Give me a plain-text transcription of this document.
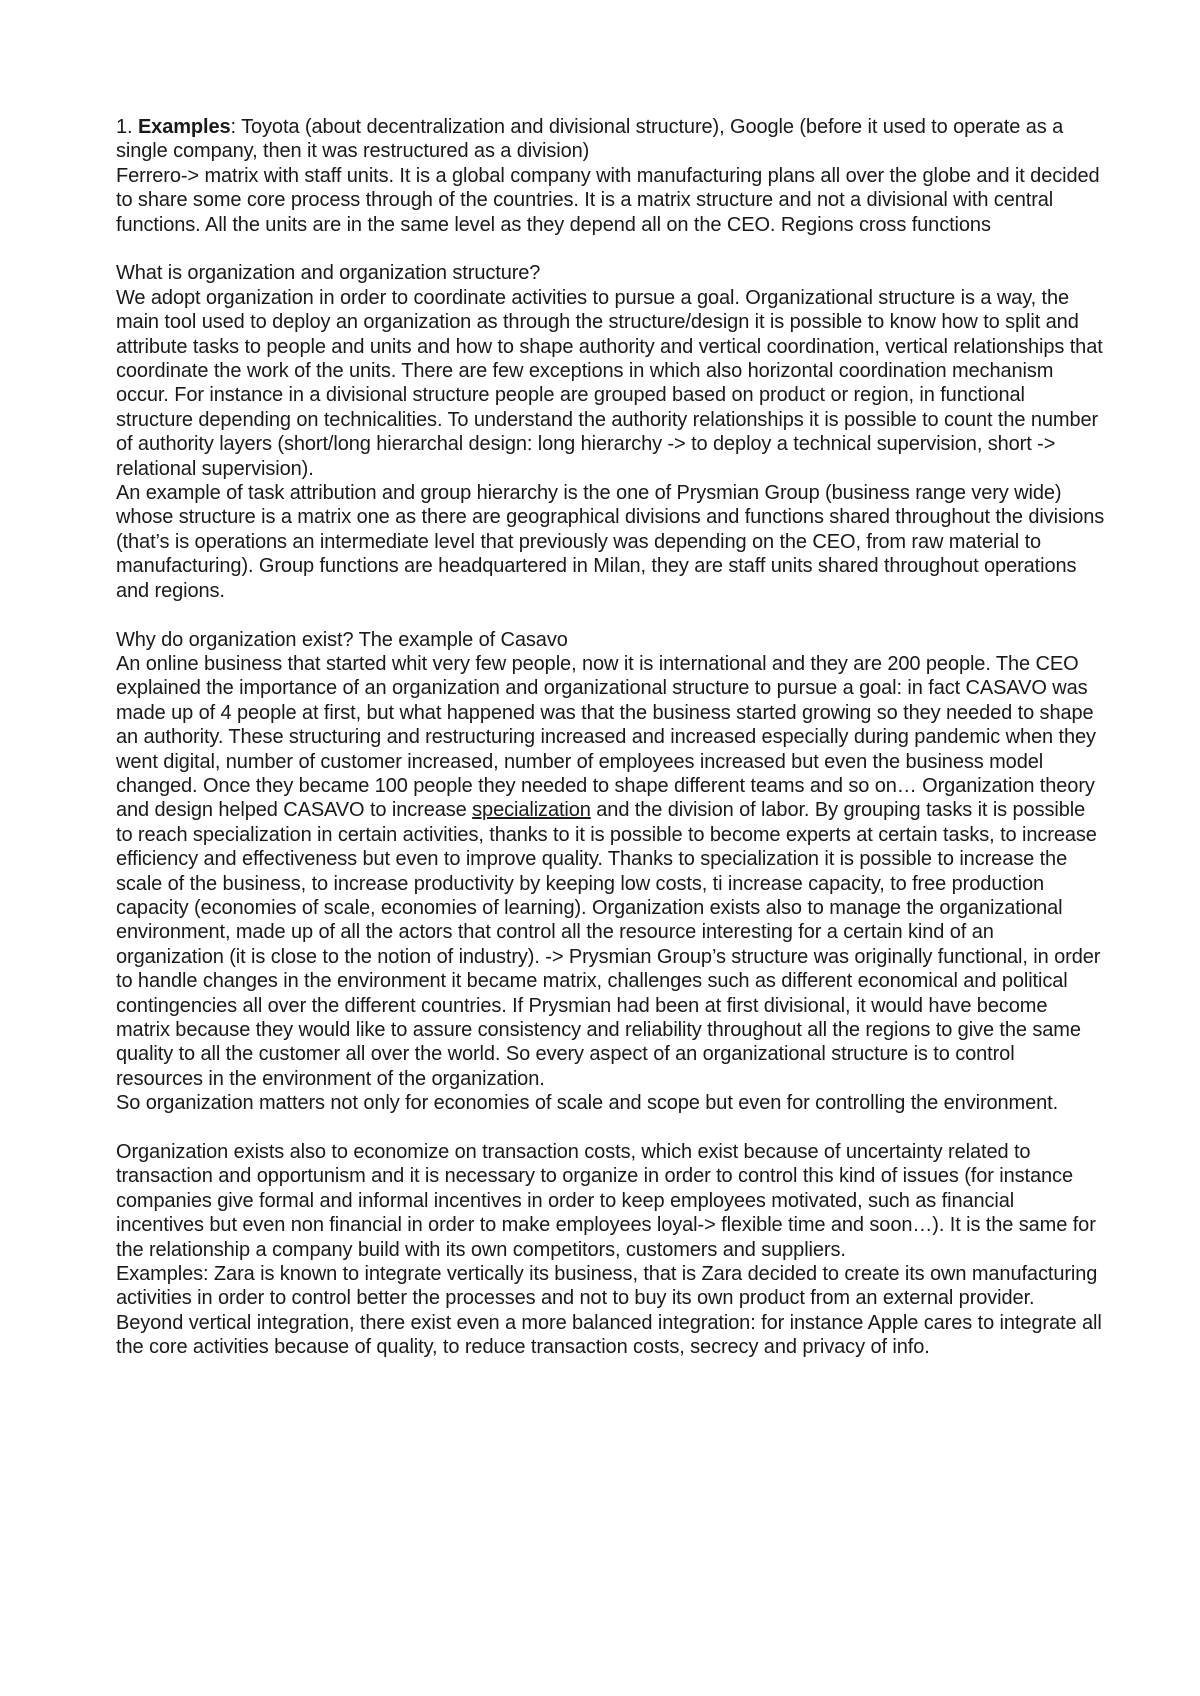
1. Examples: Toyota (about decentralization and divisional structure), Google (before it used to operate as a single company, then it was restructured as a division)

Ferrero-> matrix with staff units. It is a global company with manufacturing plans all over the globe and it decided to share some core process through of the countries. It is a matrix structure and not a divisional with central functions. All the units are in the same level as they depend all on the CEO. Regions cross functions

What is organization and organization structure?

We adopt organization in order to coordinate activities to pursue a goal. Organizational structure is a way, the main tool used to deploy an organization as through the structure/design it is possible to know how to split and attribute tasks to people and units and how to shape authority and vertical coordination, vertical relationships that coordinate the work of the units. There are few exceptions in which also horizontal coordination mechanism occur. For instance in a divisional structure people are grouped based on product or region, in functional structure depending on technicalities. To understand the authority relationships it is possible to count the number of authority layers (short/long hierarchal design: long hierarchy -> to deploy a technical supervision, short -> relational supervision).

An example of task attribution and group hierarchy is the one of Prysmian Group (business range very wide) whose structure is a matrix one as there are geographical divisions and functions shared throughout the divisions (that’s is operations an intermediate level that previously was depending on the CEO, from raw material to manufacturing). Group functions are headquartered in Milan, they are staff units shared throughout operations and regions.

Why do organization exist? The example of Casavo

An online business that started whit very few people, now it is international and they are 200 people. The CEO explained the importance of an organization and organizational structure to pursue a goal: in fact CASAVO was made up of 4 people at first, but what happened was that the business started growing so they needed to shape an authority. These structuring and restructuring increased and increased especially during pandemic when they went digital, number of customer increased, number of employees increased but even the business model changed. Once they became 100 people they needed to shape different teams and so on… Organization theory and design helped CASAVO to increase specialization and the division of labor. By grouping tasks it is possible to reach specialization in certain activities, thanks to it is possible to become experts at certain tasks, to increase efficiency and effectiveness but even to improve quality. Thanks to specialization it is possible to increase the scale of the business, to increase productivity by keeping low costs, ti increase capacity, to free production capacity (economies of scale, economies of learning). Organization exists also to manage the organizational environment, made up of all the actors that control all the resource interesting for a certain kind of an organization (it is close to the notion of industry). -> Prysmian Group’s structure was originally functional, in order to handle changes in the environment it became matrix, challenges such as different economical and political contingencies all over the different countries. If Prysmian had been at first divisional, it would have become matrix because they would like to assure consistency and reliability throughout all the regions to give the same quality to all the customer all over the world. So every aspect of an organizational structure is to control resources in the environment of the organization.

So organization matters not only for economies of scale and scope but even for controlling the environment.

Organization exists also to economize on transaction costs, which exist because of uncertainty related to transaction and opportunism and it is necessary to organize in order to control this kind of issues (for instance companies give formal and informal incentives in order to keep employees motivated, such as financial incentives but even non financial in order to make employees loyal-> flexible time and soon…). It is the same for the relationship a company build with its own competitors, customers and suppliers.

Examples: Zara is known to integrate vertically its business, that is Zara decided to create its own manufacturing activities in order to control better the processes and not to buy its own product from an external provider. Beyond vertical integration, there exist even a more balanced integration: for instance Apple cares to integrate all the core activities because of quality, to reduce transaction costs, secrecy and privacy of info.
